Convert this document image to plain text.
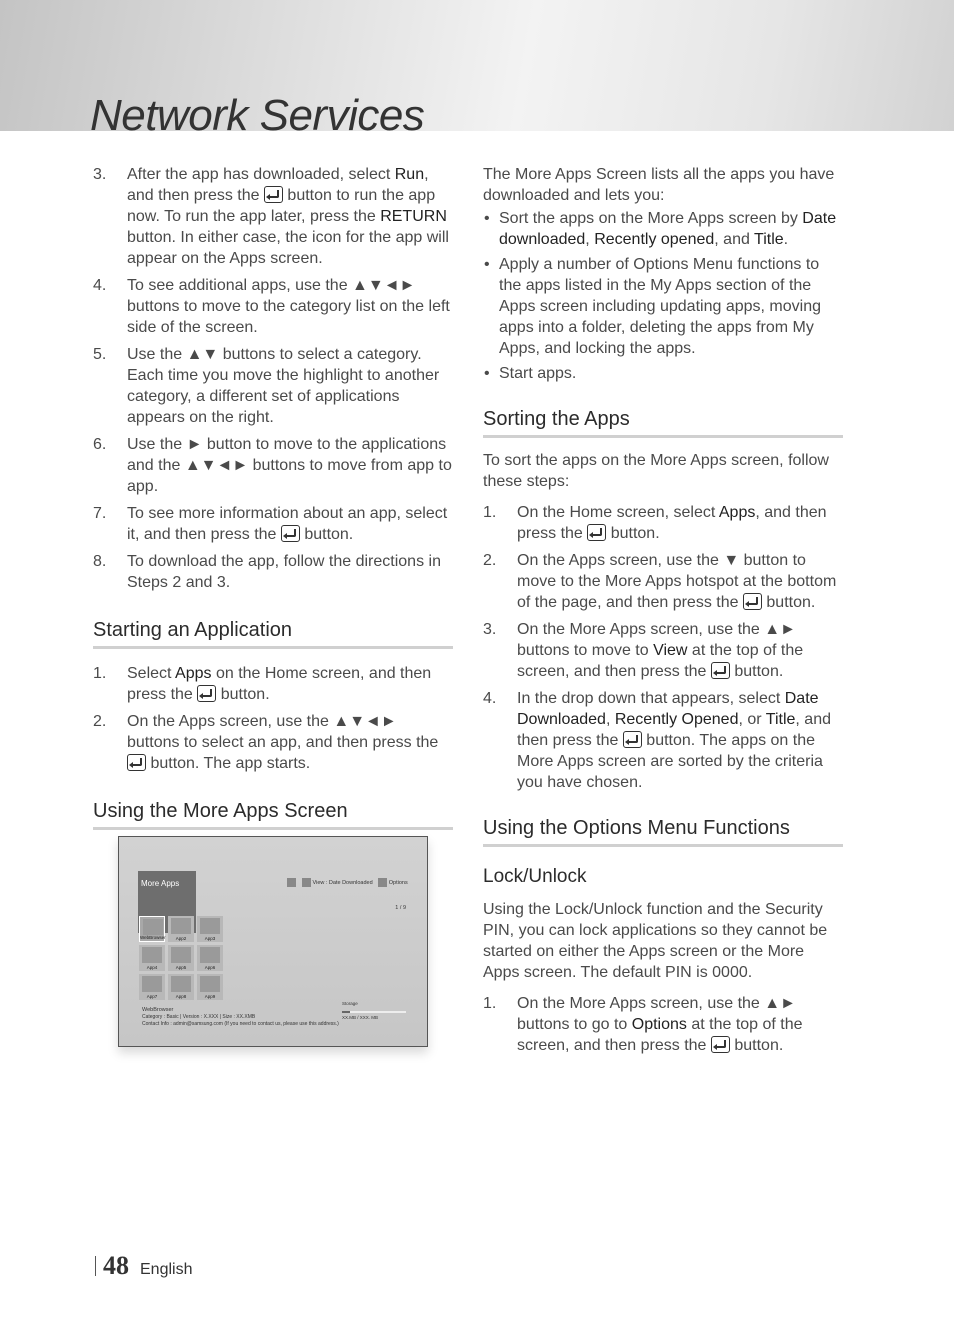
Network Services
3. After the app has downloaded, select Run, and then press the  button to run the app now. To run the app later, press the RETURN button. In either case, the icon for the app will appear on the Apps screen.
4. To see additional apps, use the ▲▼◄► buttons to move to the category list on the left side of the screen.
5. Use the ▲▼ buttons to select a category. Each time you move the highlight to another category, a different set of applications appears on the right.
6. Use the ► button to move to the applications and the ▲▼◄► buttons to move from app to app.
7. To see more information about an app, select it, and then press the  button.
8. To download the app, follow the directions in Steps 2 and 3.
Starting an Application
1. Select Apps on the Home screen, and then press the  button.
2. On the Apps screen, use the ▲▼◄► buttons to select an app, and then press the  button. The app starts.
Using the More Apps Screen
More Apps	View : Date Downloaded	Options
1 / 9
WebBrowser	App2	App3
App4	App5	App6
App7	App8	App9
WebBrowser
Category : Basic | Version : X.XXX | Size : XX.XMB
Contact Info : admin@samsung.com (If you need to contact us, please use this address.)
Storage
XX.MB / XXX. MB

The More Apps Screen lists all the apps you have downloaded and lets you:

• Sort the apps on the More Apps screen by Date downloaded, Recently opened, and Title.
• Apply a number of Options Menu functions to the apps listed in the My Apps section of the Apps screen including updating apps, moving apps into a folder, deleting the apps from My Apps, and locking the apps.
• Start apps.
Sorting the Apps

To sort the apps on the More Apps screen, follow these steps:

1. On the Home screen, select Apps, and then press the  button.
2. On the Apps screen, use the ▼ button to move to the More Apps hotspot at the bottom of the page, and then press the  button.
3. On the More Apps screen, use the ▲► buttons to move to View at the top of the screen, and then press the  button.
4. In the drop down that appears, select Date Downloaded, Recently Opened, or Title, and then press the  button. The apps on the More Apps screen are sorted by the criteria you have chosen.
Using the Options Menu Functions
Lock/Unlock

Using the Lock/Unlock function and the Security PIN, you can lock applications so they cannot be started on either the Apps screen or the More Apps screen. The default PIN is 0000.

1. On the More Apps screen, use the ▲► buttons to go to Options at the top of the screen, and then press the  button.
48 English
